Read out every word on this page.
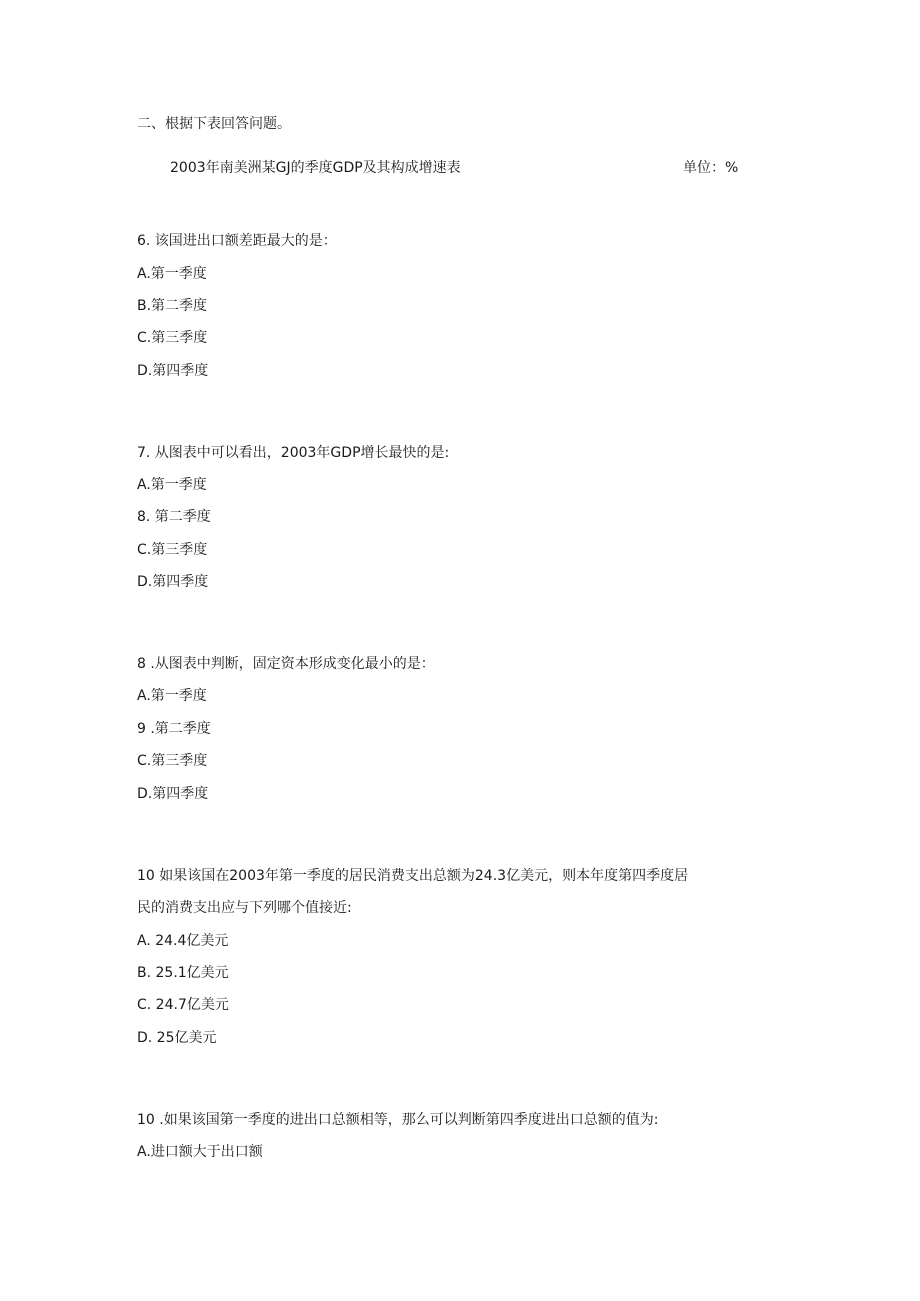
二、根据下表回答问题。
2003年南美洲某GJ的季度GDP及其构成增速表	单位：%
6. 该国进出口额差距最大的是：
A.第一季度
B.第二季度
C.第三季度
D.第四季度
7. 从图表中可以看出，2003年GDP增长最快的是:
A.第一季度
8. 第二季度
C.第三季度
D.第四季度
8 .从图表中判断，固定资本形成变化最小的是：
A.第一季度
9 .第二季度
C.第三季度
D.第四季度
10 如果该国在2003年第一季度的居民消费支出总额为24.3亿美元，则本年度第四季度居
民的消费支出应与下列哪个值接近:
A. 24.4亿美元
B. 25.1亿美元
C. 24.7亿美元
D. 25亿美元
10 .如果该国第一季度的进出口总额相等，那么可以判断第四季度进出口总额的值为:
A.进口额大于出口额
